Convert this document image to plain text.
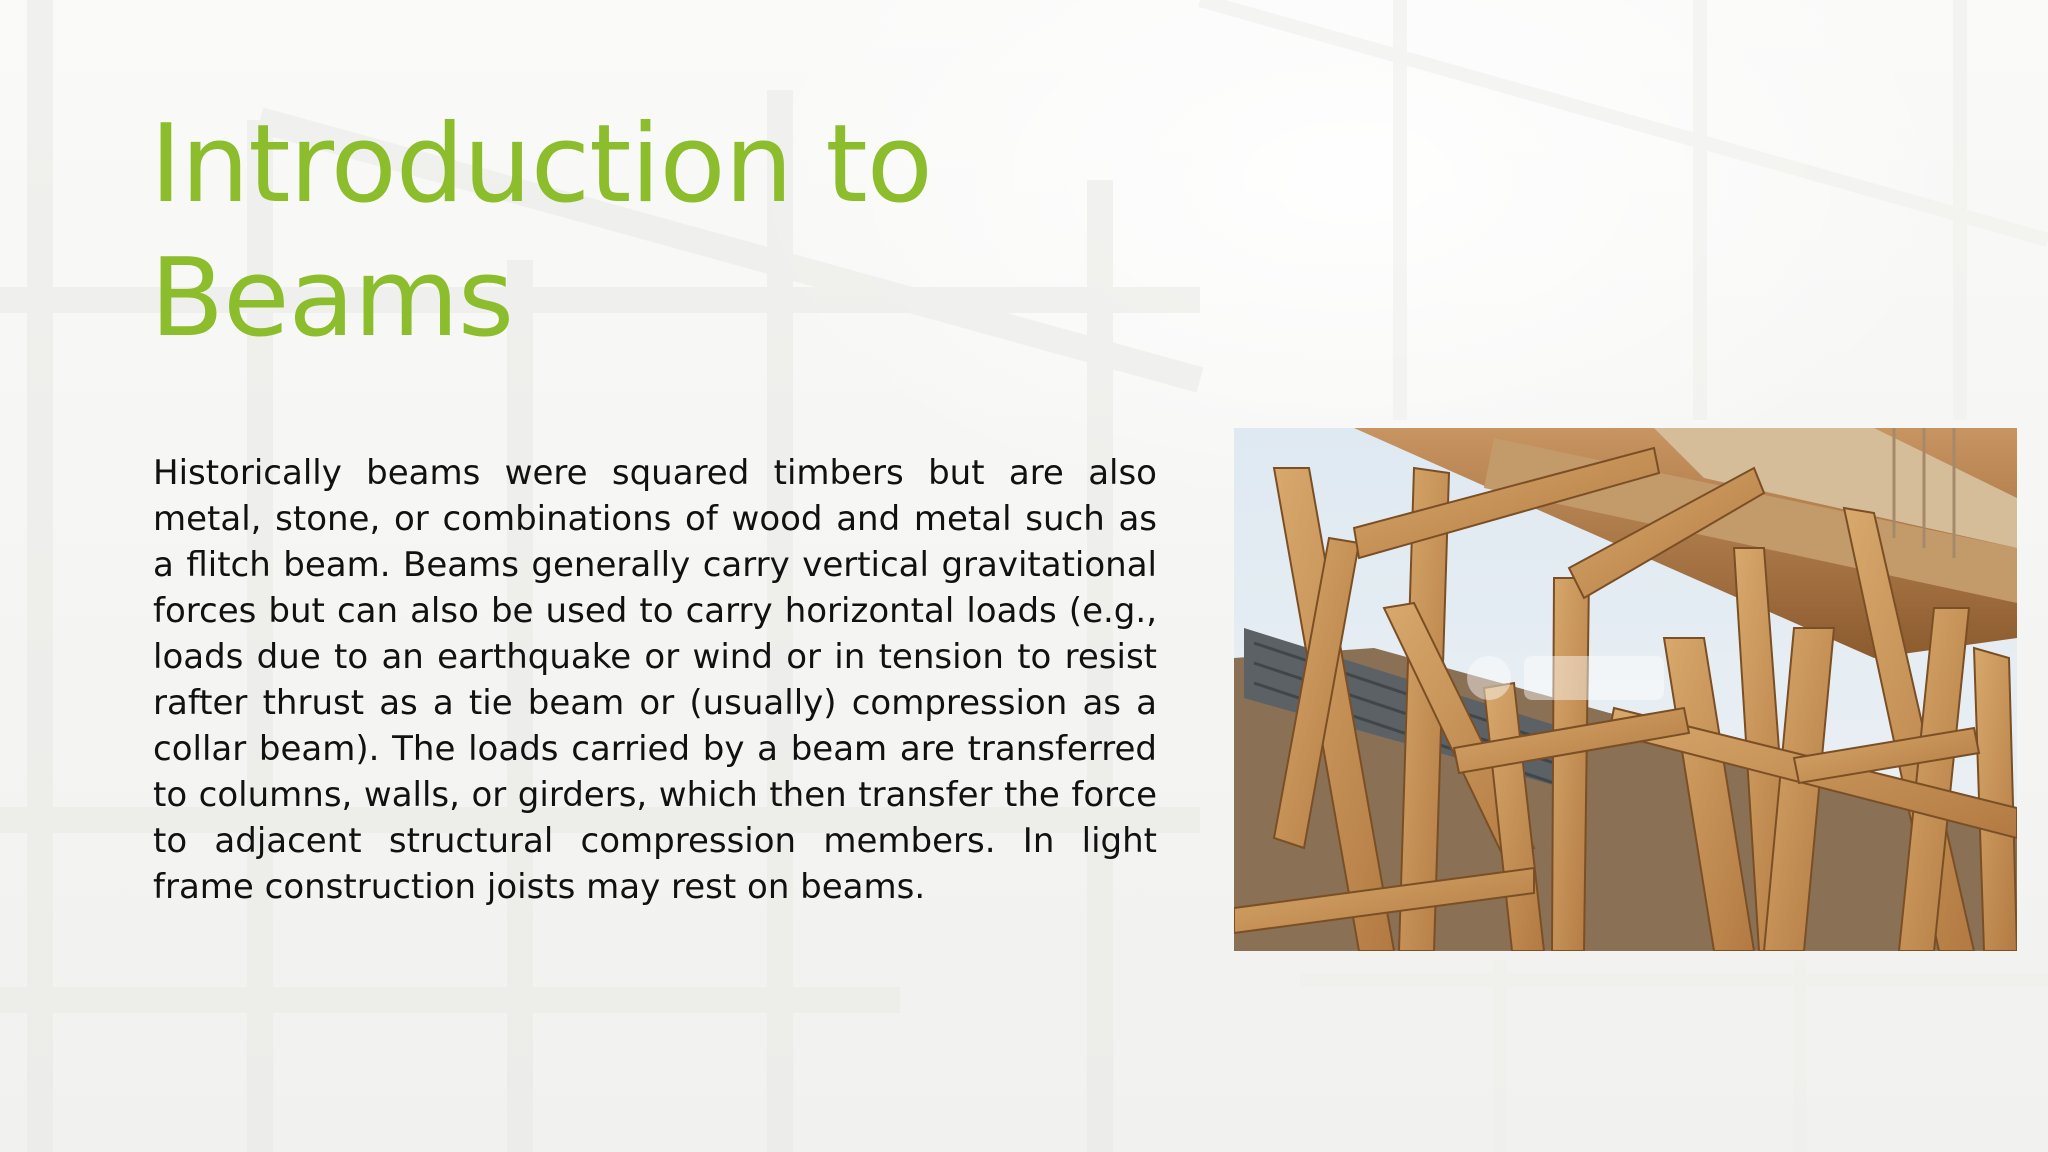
Introduction to
Beams

Historically beams were squared timbers but are also metal, stone, or combinations of wood and metal such as a flitch beam. Beams generally carry vertical gravitational forces but can also be used to carry horizontal loads (e.g., loads due to an earthquake or wind or in tension to resist rafter thrust as a tie beam or (usually) compression as a collar beam). The loads carried by a beam are transferred to columns, walls, or girders, which then transfer the force to adjacent structural compression members. In light frame construction joists may rest on beams.
